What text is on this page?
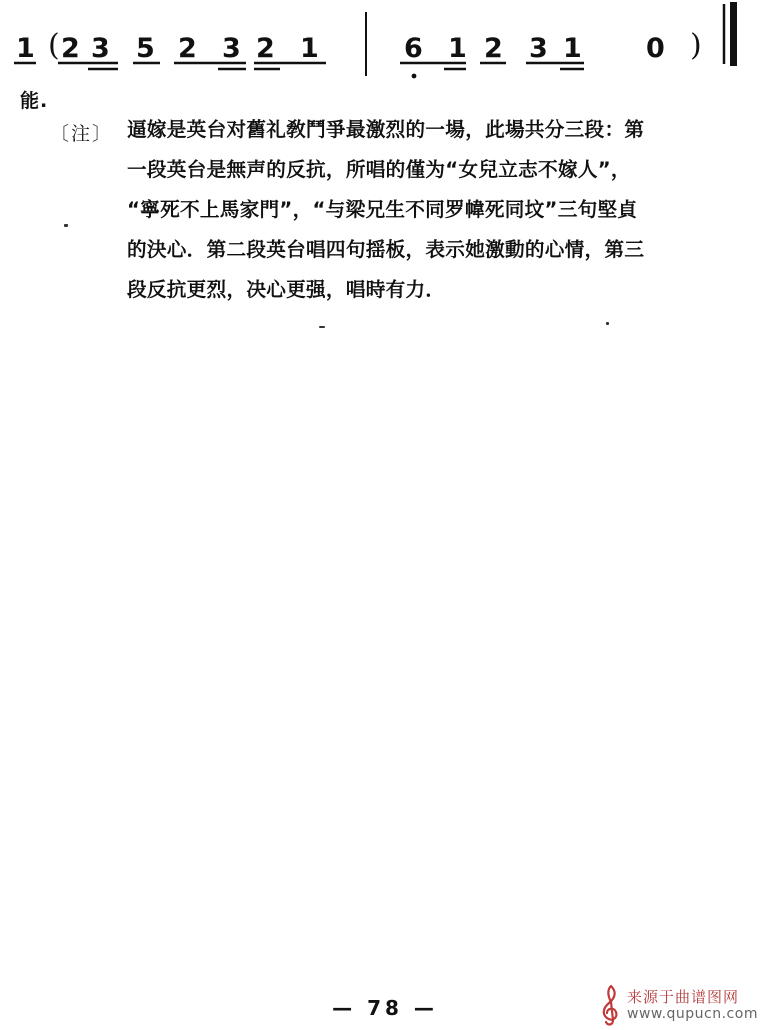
1 ( 2 3 5 2 3 2 1	6 1 2 3 1 0 )
能.
〔注〕 逼嫁是英台对舊礼敎鬥爭最激烈的一場，此場共分三段：第
一段英台是無声的反抗，所唱的僅为“女兒立志不嫁人”，
“寧死不上馬家門”，“与梁兄生不同罗幃死同坟”三句堅貞
的決心．第二段英台唱四句揺板，表示她激動的心情，第三
段反抗更烈，决心更强，唱時有力．
— 78 —	来源于曲谱图网
www.qupucn.com
